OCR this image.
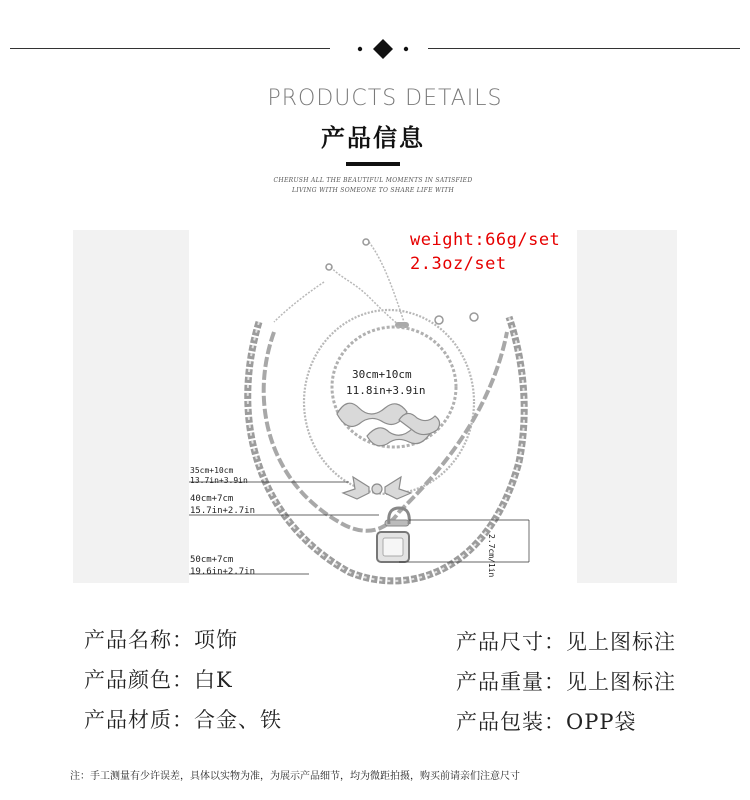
PRODUCTS DETAILS
产品信息
CHERUSH ALL THE BEAUTIFUL MOMENTS IN SATISFIED
LIVING WITH SOMEONE TO SHARE LIFE WITH
weight:66g/set
2.3oz/set
30cm+10cm
11.8in+3.9in
35cm+10cm
13.7in+3.9in
40cm+7cm
15.7in+2.7in
50cm+7cm
19.6in+2.7in	2.7cm/1in
产品名称：项饰
产品颜色：白K
产品材质：合金、铁
产品尺寸：见上图标注
产品重量：见上图标注
产品包装：OPP袋
注：手工测量有少许误差，具体以实物为准，为展示产品细节，均为微距拍摄，购买前请亲们注意尺寸
